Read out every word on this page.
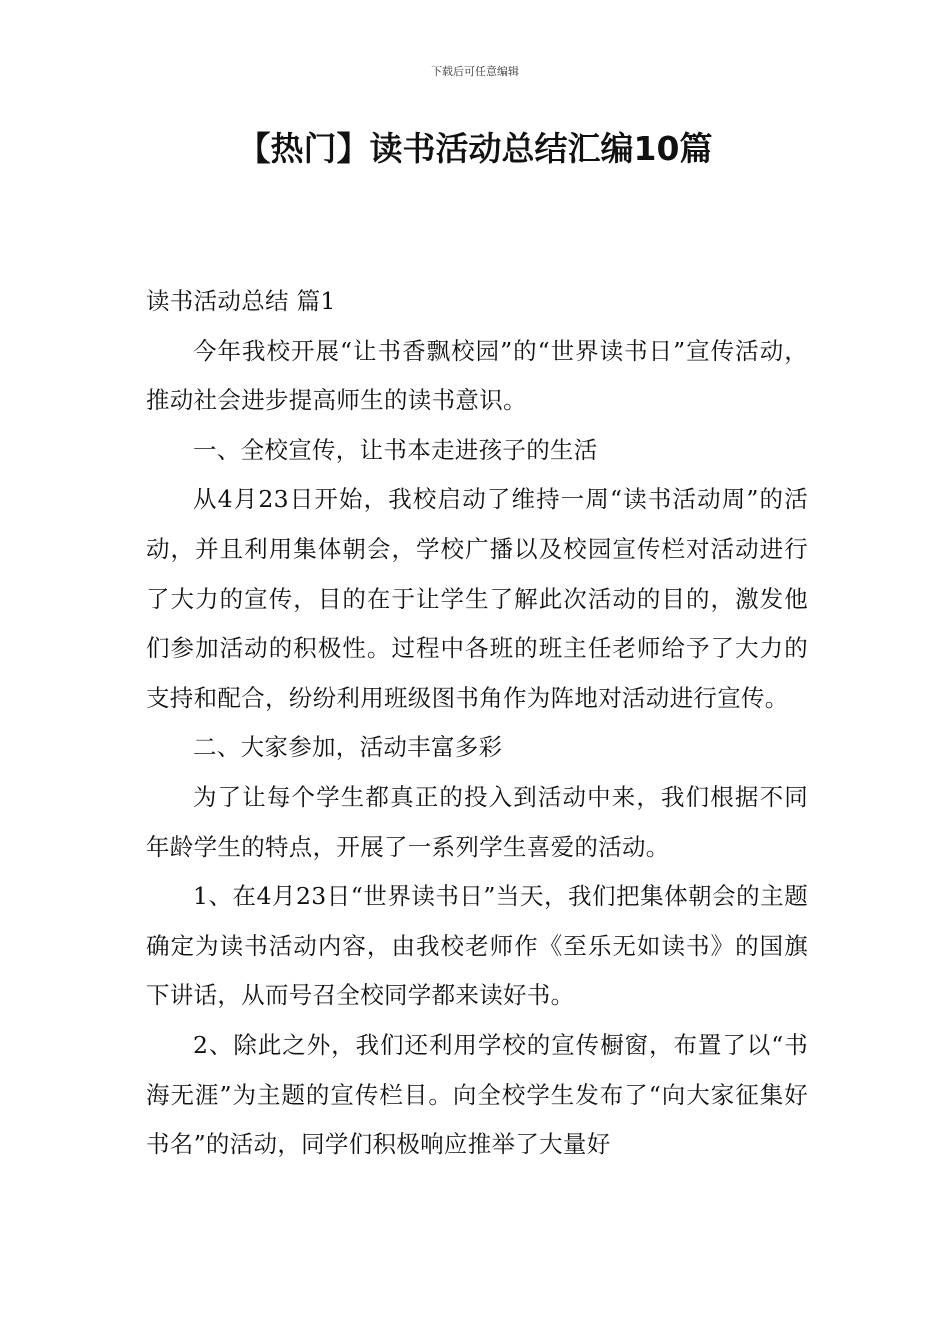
下载后可任意编辑
【热门】读书活动总结汇编10篇

读书活动总结 篇1

今年我校开展“让书香飘校园”的“世界读书日”宣传活动，推动社会进步提高师生的读书意识。

一、全校宣传，让书本走进孩子的生活

从4月23日开始，我校启动了维持一周“读书活动周”的活动，并且利用集体朝会，学校广播以及校园宣传栏对活动进行了大力的宣传，目的在于让学生了解此次活动的目的，激发他们参加活动的积极性。过程中各班的班主任老师给予了大力的支持和配合，纷纷利用班级图书角作为阵地对活动进行宣传。

二、大家参加，活动丰富多彩

为了让每个学生都真正的投入到活动中来，我们根据不同年龄学生的特点，开展了一系列学生喜爱的活动。

1、在4月23日“世界读书日”当天，我们把集体朝会的主题确定为读书活动内容，由我校老师作《至乐无如读书》的国旗下讲话，从而号召全校同学都来读好书。

2、除此之外，我们还利用学校的宣传橱窗，布置了以“书海无涯”为主题的宣传栏目。向全校学生发布了“向大家征集好书名”的活动，同学们积极响应推举了大量好
